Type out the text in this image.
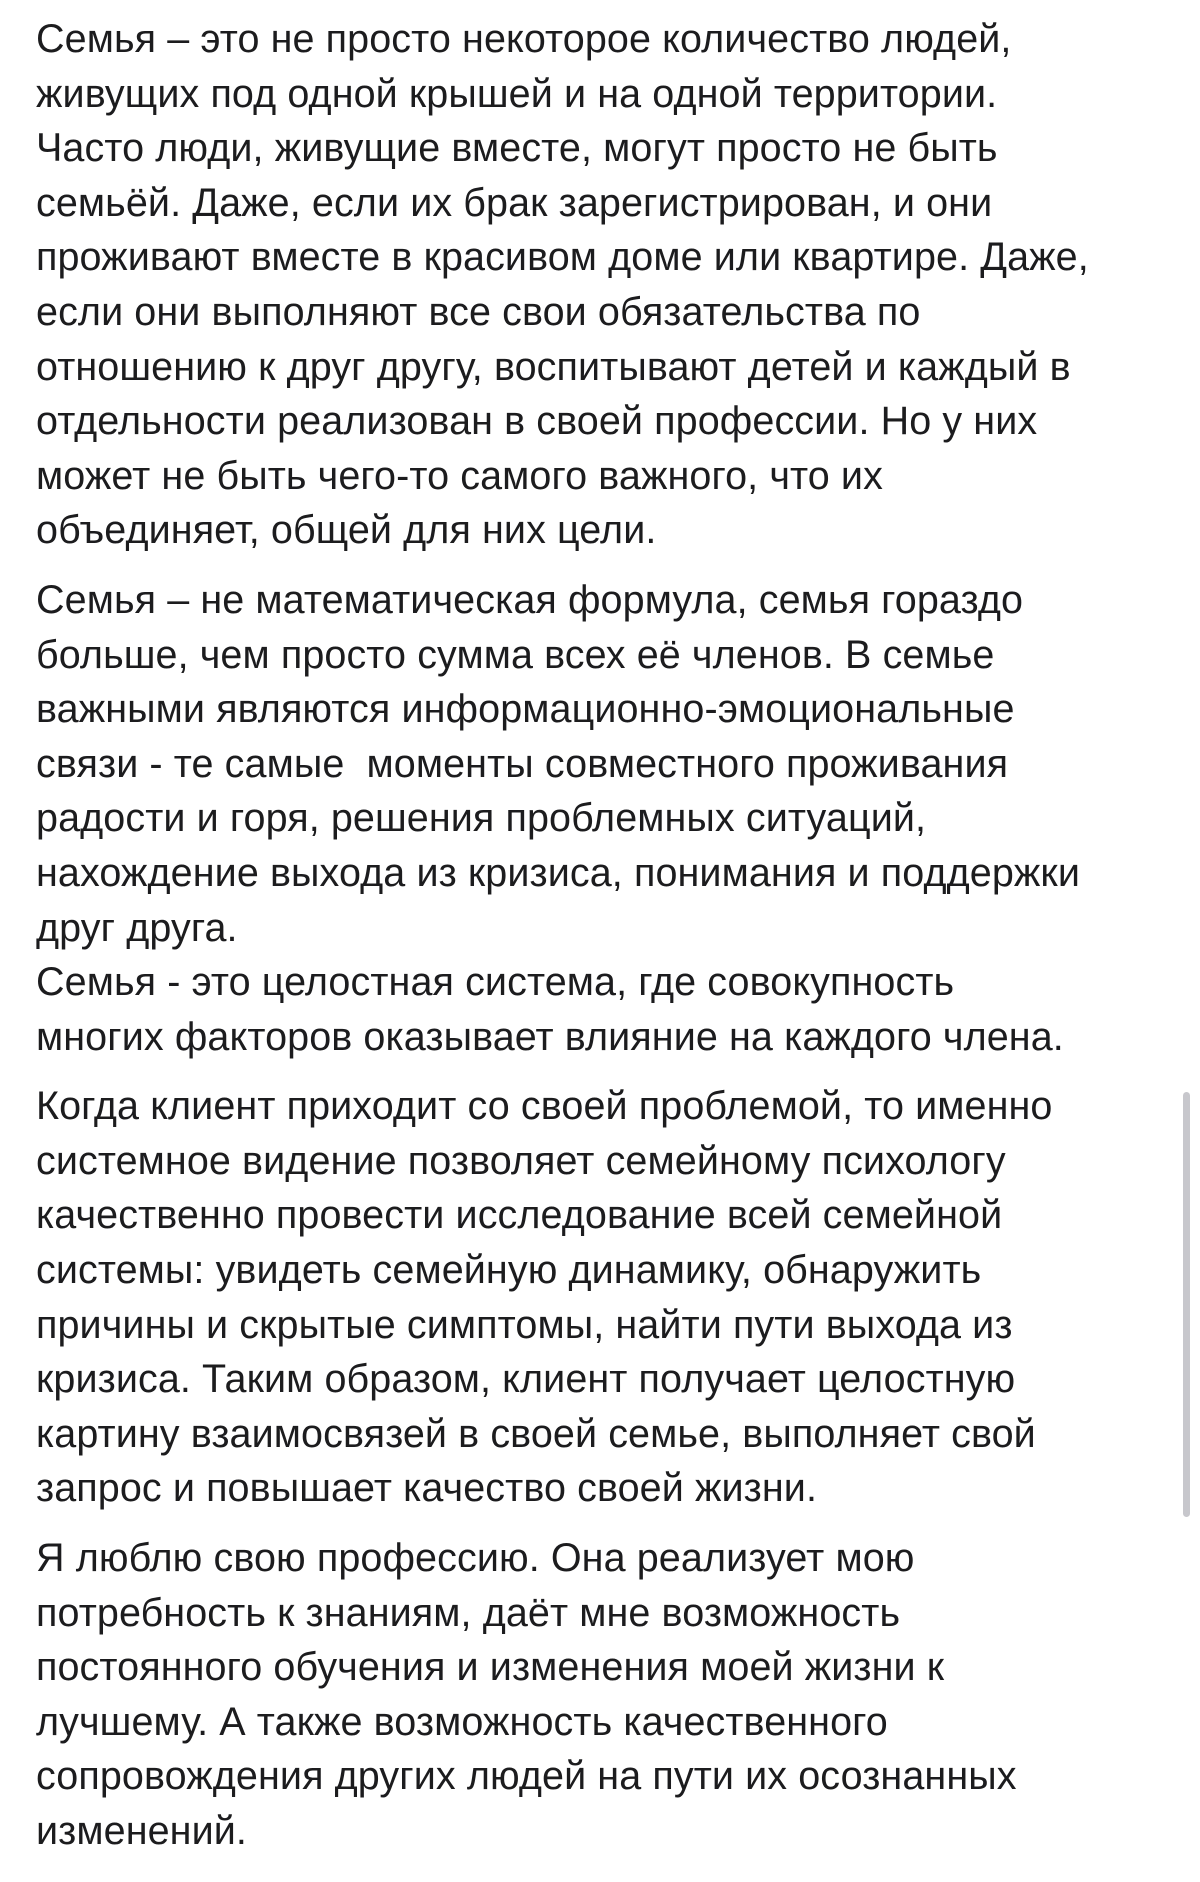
Семья – это не просто некоторое количество людей,
живущих под одной крышей и на одной территории.
Часто люди, живущие вместе, могут просто не быть
семьёй. Даже, если их брак зарегистрирован, и они
проживают вместе в красивом доме или квартире. Даже,
если они выполняют все свои обязательства по
отношению к друг другу, воспитывают детей и каждый в
отдельности реализован в своей профессии. Но у них
может не быть чего-то самого важного, что их
объединяет, общей для них цели.
Семья – не математическая формула, семья гораздо
больше, чем просто сумма всех её членов. В семье
важными являются информационно-эмоциональные
связи - те самые  моменты совместного проживания
радости и горя, решения проблемных ситуаций,
нахождение выхода из кризиса, понимания и поддержки
друг друга.
Семья - это целостная система, где совокупность
многих факторов оказывает влияние на каждого члена.
Когда клиент приходит со своей проблемой, то именно
системное видение позволяет семейному психологу
качественно провести исследование всей семейной
системы: увидеть семейную динамику, обнаружить
причины и скрытые симптомы, найти пути выхода из
кризиса. Таким образом, клиент получает целостную
картину взаимосвязей в своей семье, выполняет свой
запрос и повышает качество своей жизни.
Я люблю свою профессию. Она реализует мою
потребность к знаниям, даёт мне возможность
постоянного обучения и изменения моей жизни к
лучшему. А также возможность качественного
сопровождения других людей на пути их осознанных
изменений.
